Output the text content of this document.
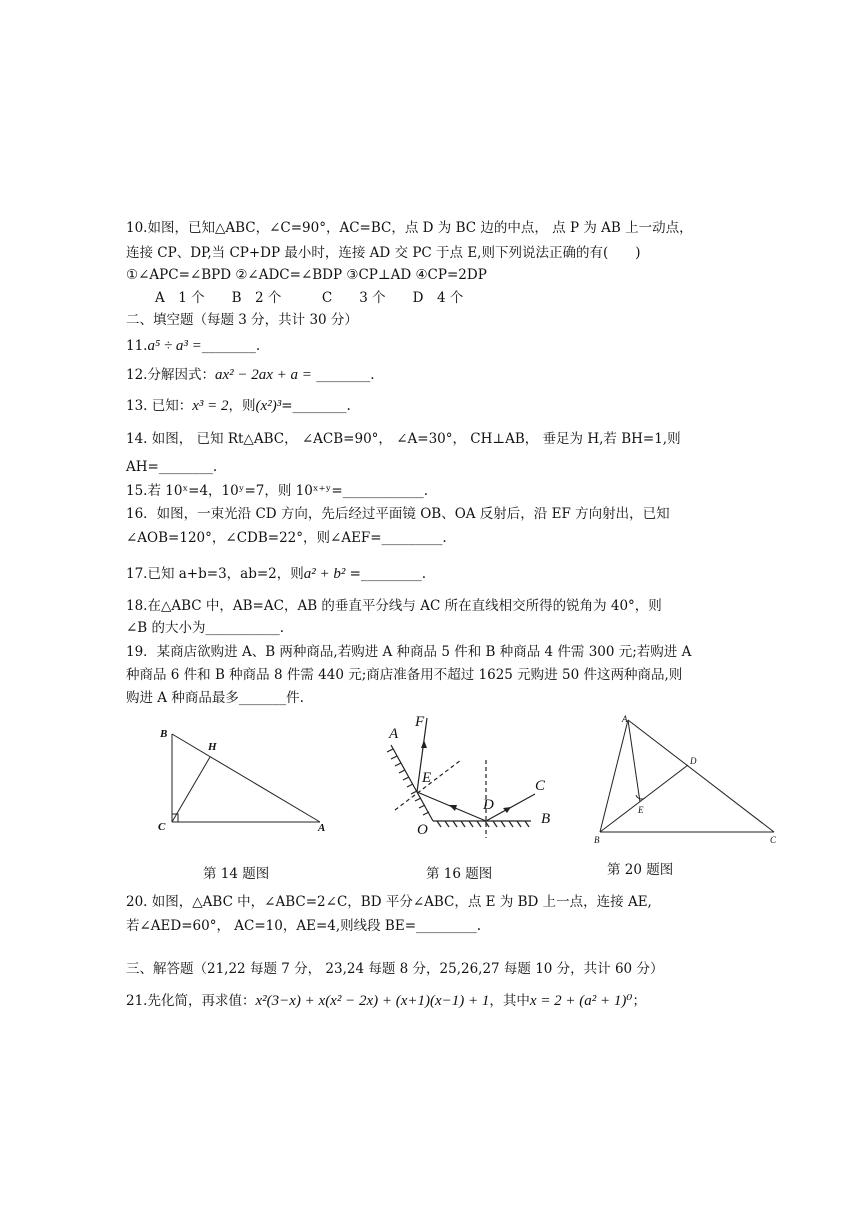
10.如图，已知△ABC，∠C=90°，AC=BC，点 D 为 BC 边的中点， 点 P 为 AB 上一动点，
连接 CP、DP,当 CP+DP 最小时，连接 AD 交 PC 于点 E,则下列说法正确的有(　　)
①∠APC=∠BPD ②∠ADC=∠BDP ③CP⊥AD ④CP=2DP
A　1 个　　B　2 个　　　C　　3 个　　D　4 个
二、填空题（每题 3 分，共计 30 分）
11.a⁵ ÷ a³ =________.
12.分解因式：ax² − 2ax + a = ________.
13. 已知：x³ = 2，则(x²)³=________.
14. 如图， 已知 Rt△ABC， ∠ACB=90°， ∠A=30°， CH⊥AB， 垂足为 H,若 BH=1,则
AH=________.
15.若 10ˣ=4，10ʸ=7，则 10ˣ⁺ʸ=____________.
16．如图，一束光沿 CD 方向，先后经过平面镜 OB、OA 反射后，沿 EF 方向射出，已知
∠AOB=120°，∠CDB=22°，则∠AEF=_________.
17.已知 a+b=3，ab=2，则a² + b² =_________.
18.在△ABC 中，AB=AC，AB 的垂直平分线与 AC 所在直线相交所得的锐角为 40°，则
∠B 的大小为___________.
19．某商店欲购进 A、B 两种商品,若购进 A 种商品 5 件和 B 种商品 4 件需 300 元;若购进 A
种商品 6 件和 B 种商品 8 件需 440 元;商店准备用不超过 1625 元购进 50 件这两种商品,则
购进 A 种商品最多_______件.
B
H
C	A
第 14 题图
A
F
E
D
C
B
O
第 16 题图
A
D
E
B	C
第 20 题图
20. 如图，△ABC 中，∠ABC=2∠C，BD 平分∠ABC，点 E 为 BD 上一点，连接 AE,
若∠AED=60°， AC=10，AE=4,则线段 BE=_________.
三、解答题（21,22 每题 7 分， 23,24 每题 8 分，25,26,27 每题 10 分，共计 60 分）
21.先化简，再求值：x²(3−x) + x(x² − 2x) + (x+1)(x−1) + 1，其中x = 2 + (a² + 1)⁰；
